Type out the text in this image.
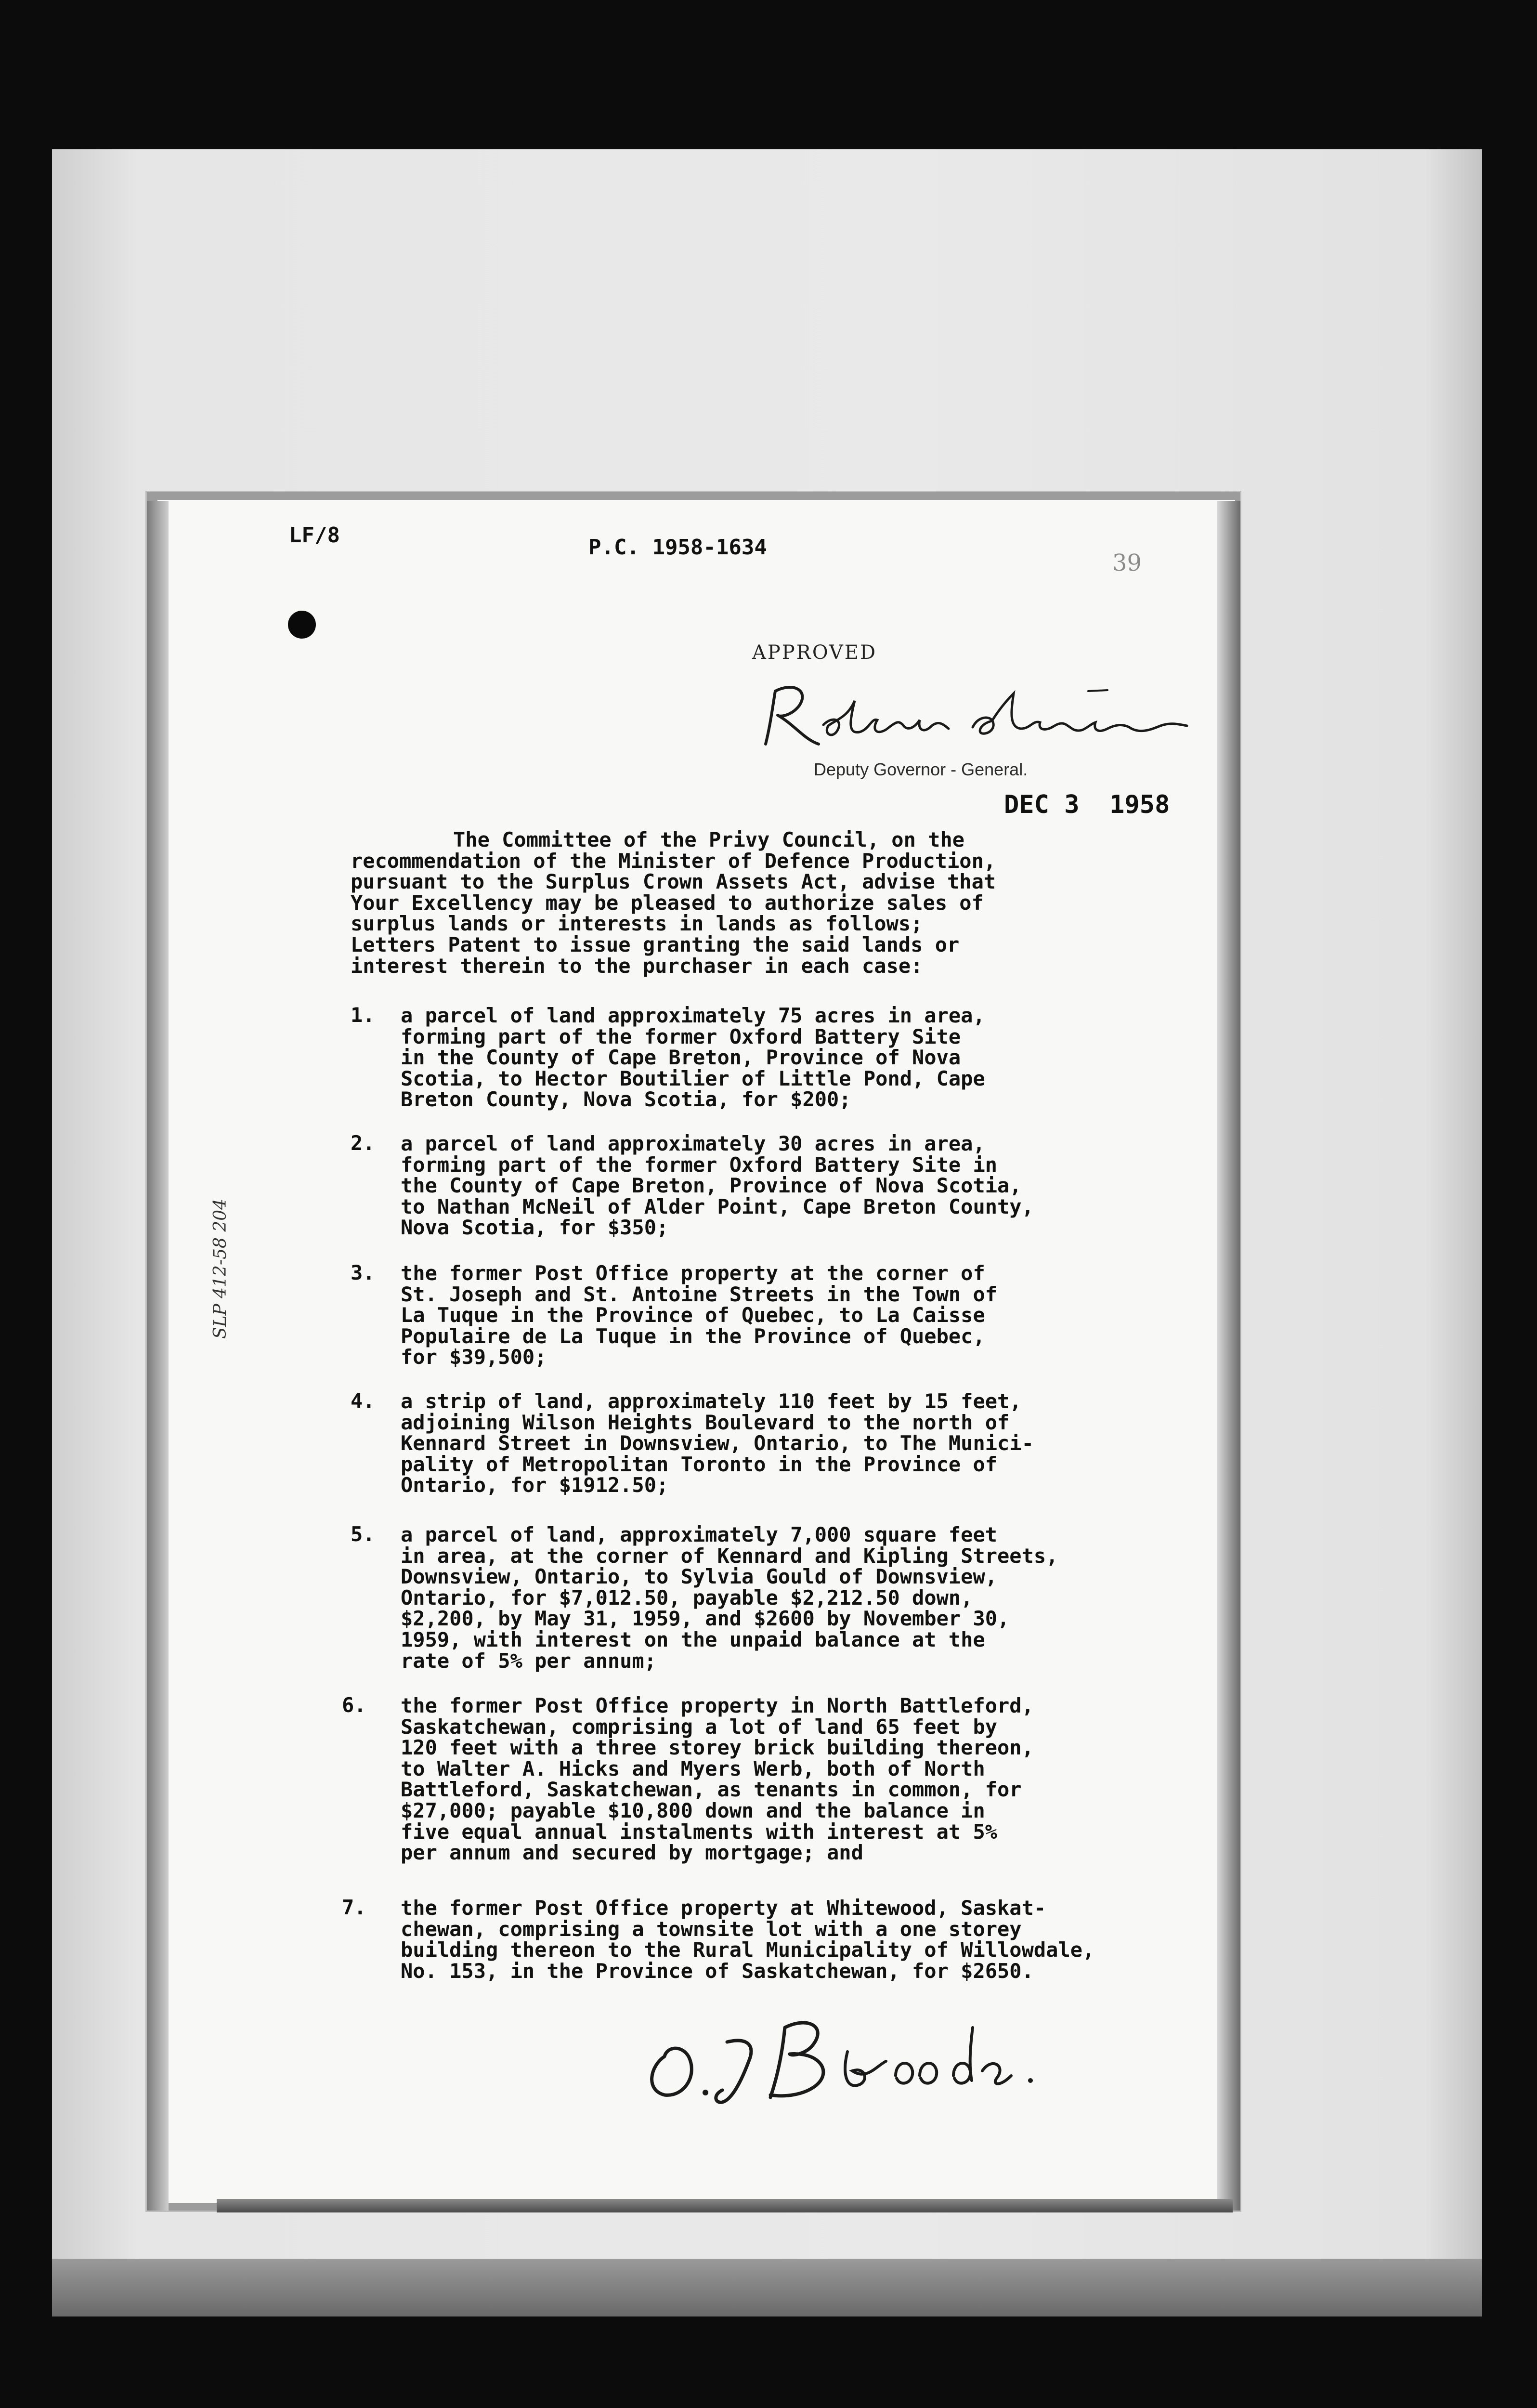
LF/8	P.C. 1958-1634
39
APPROVED
Deputy Governor - General.
DEC 3 1958
The Committee of the Privy Council, on the
recommendation of the Minister of Defence Production,
pursuant to the Surplus Crown Assets Act, advise that
Your Excellency may be pleased to authorize sales of
surplus lands or interests in lands as follows;
Letters Patent to issue granting the said lands or
interest therein to the purchaser in each case:
1. a parcel of land approximately 75 acres in area,
forming part of the former Oxford Battery Site
in the County of Cape Breton, Province of Nova
Scotia, to Hector Boutilier of Little Pond, Cape
Breton County, Nova Scotia, for $200;
2. a parcel of land approximately 30 acres in area,
forming part of the former Oxford Battery Site in
the County of Cape Breton, Province of Nova Scotia,
to Nathan McNeil of Alder Point, Cape Breton County,
Nova Scotia, for $350;
SLP 412-58 204	3. the former Post Office property at the corner of
St. Joseph and St. Antoine Streets in the Town of
La Tuque in the Province of Quebec, to La Caisse
Populaire de La Tuque in the Province of Quebec,
for $39,500;
4. a strip of land, approximately 110 feet by 15 feet,
adjoining Wilson Heights Boulevard to the north of
Kennard Street in Downsview, Ontario, to The Munici-
pality of Metropolitan Toronto in the Province of
Ontario, for $1912.50;
5. a parcel of land, approximately 7,000 square feet
in area, at the corner of Kennard and Kipling Streets,
Downsview, Ontario, to Sylvia Gould of Downsview,
Ontario, for $7,012.50, payable $2,212.50 down,
$2,200, by May 31, 1959, and $2600 by November 30,
1959, with interest on the unpaid balance at the
rate of 5% per annum;
6. the former Post Office property in North Battleford,
Saskatchewan, comprising a lot of land 65 feet by
120 feet with a three storey brick building thereon,
to Walter A. Hicks and Myers Werb, both of North
Battleford, Saskatchewan, as tenants in common, for
$27,000; payable $10,800 down and the balance in
five equal annual instalments with interest at 5%
per annum and secured by mortgage; and
7. the former Post Office property at Whitewood, Saskat-
chewan, comprising a townsite lot with a one storey
building thereon to the Rural Municipality of Willowdale,
No. 153, in the Province of Saskatchewan, for $2650.
